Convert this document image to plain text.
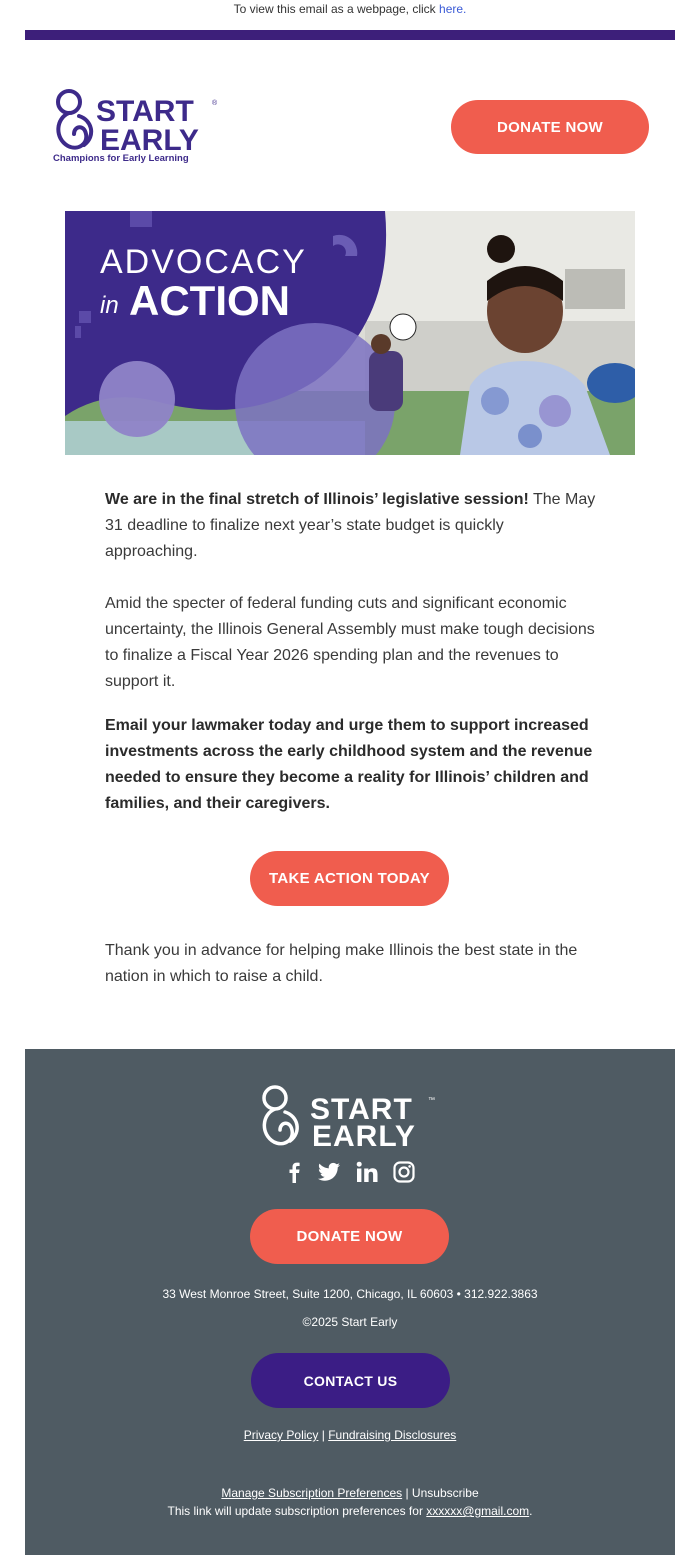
To view this email as a webpage, click here.
START	®
EARLY
Champions for Early Learning
DONATE NOW
ADVOCACY
in ACTION
We are in the final stretch of Illinois’ legislative session! The May 31 deadline to finalize next year’s state budget is quickly approaching.
Amid the specter of federal funding cuts and significant economic uncertainty, the Illinois General Assembly must make tough decisions to finalize a Fiscal Year 2026 spending plan and the revenues to support it.
Email your lawmaker today and urge them to support increased investments across the early childhood system and the revenue needed to ensure they become a reality for Illinois’ children and families, and their caregivers.
TAKE ACTION TODAY
Thank you in advance for helping make Illinois the best state in the nation in which to raise a child.
START ™
EARLY
DONATE NOW
33 West Monroe Street, Suite 1200, Chicago, IL 60603 • 312.922.3863
©2025 Start Early
CONTACT US
Privacy Policy | Fundraising Disclosures
Manage Subscription Preferences | Unsubscribe
This link will update subscription preferences for xxxxxx@gmail.com.
